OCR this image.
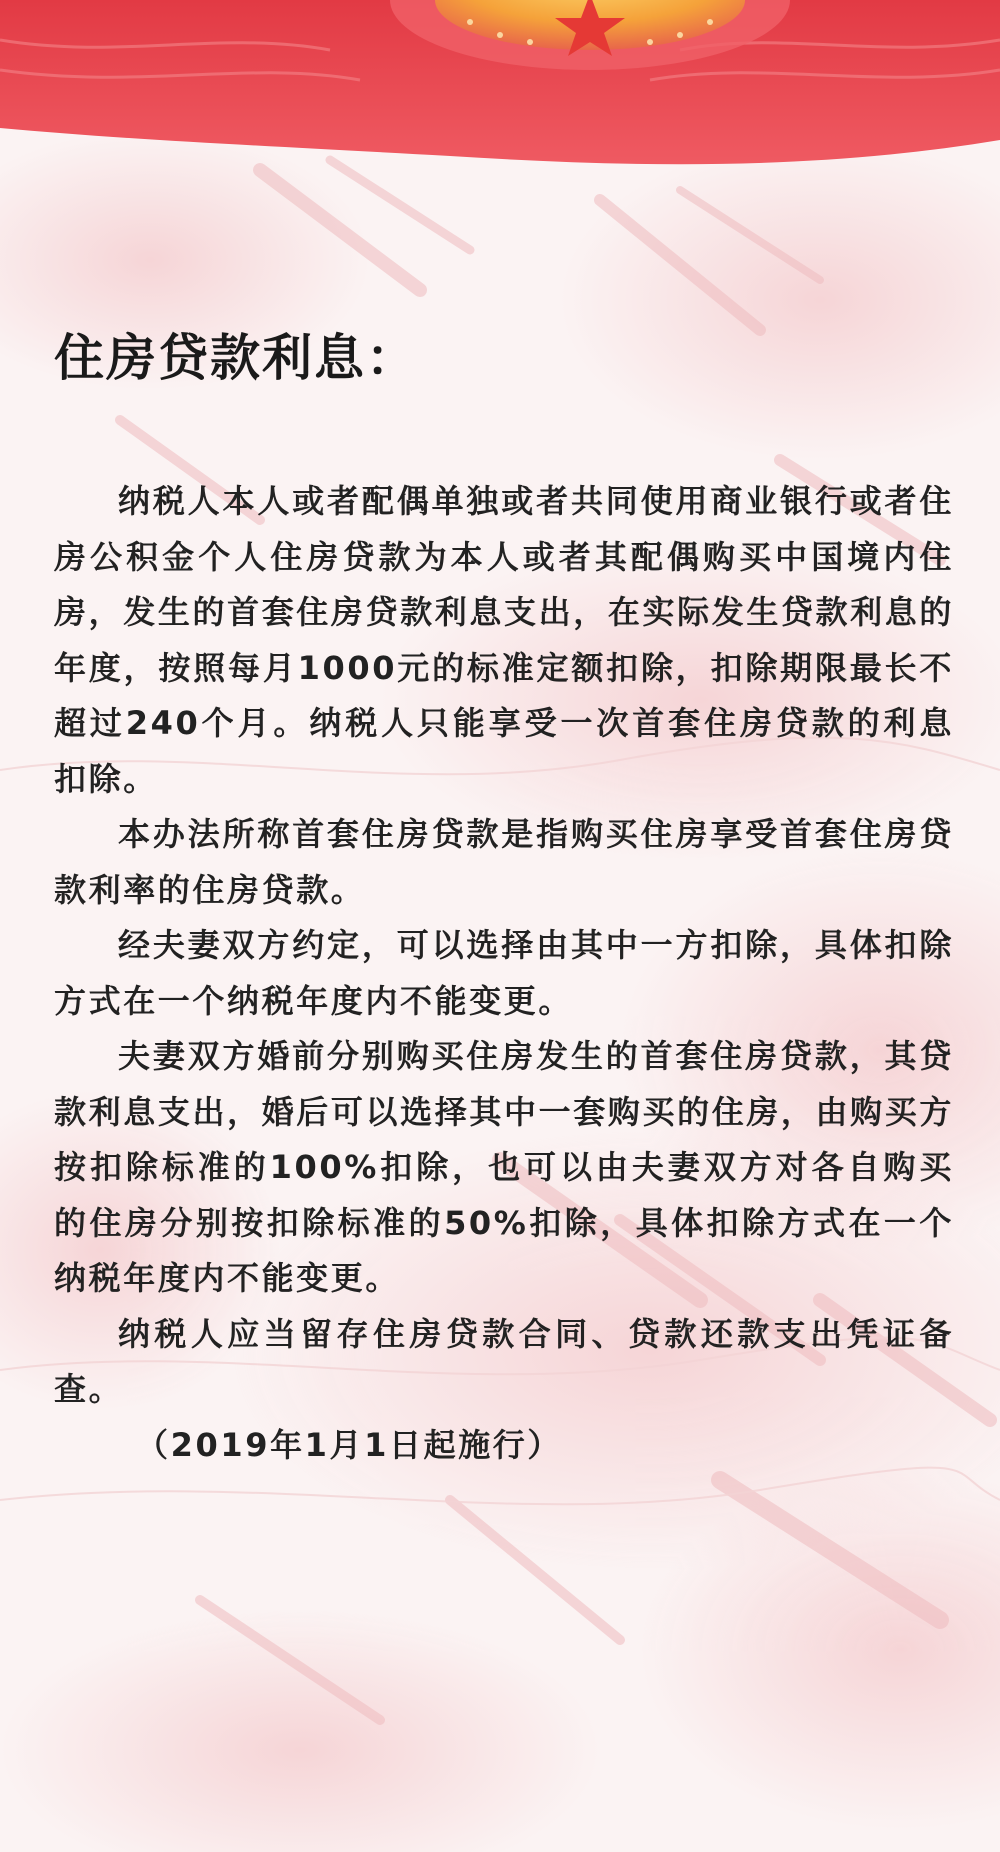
住房贷款利息：

纳税人本人或者配偶单独或者共同使用商业银行或者住房公积金个人住房贷款为本人或者其配偶购买中国境内住房，发生的首套住房贷款利息支出，在实际发生贷款利息的年度，按照每月1000元的标准定额扣除，扣除期限最长不超过240个月。纳税人只能享受一次首套住房贷款的利息扣除。

本办法所称首套住房贷款是指购买住房享受首套住房贷款利率的住房贷款。

经夫妻双方约定，可以选择由其中一方扣除，具体扣除方式在一个纳税年度内不能变更。

夫妻双方婚前分别购买住房发生的首套住房贷款，其贷款利息支出，婚后可以选择其中一套购买的住房，由购买方按扣除标准的100%扣除，也可以由夫妻双方对各自购买的住房分别按扣除标准的50%扣除，具体扣除方式在一个纳税年度内不能变更。

纳税人应当留存住房贷款合同、贷款还款支出凭证备查。

（2019年1月1日起施行）
